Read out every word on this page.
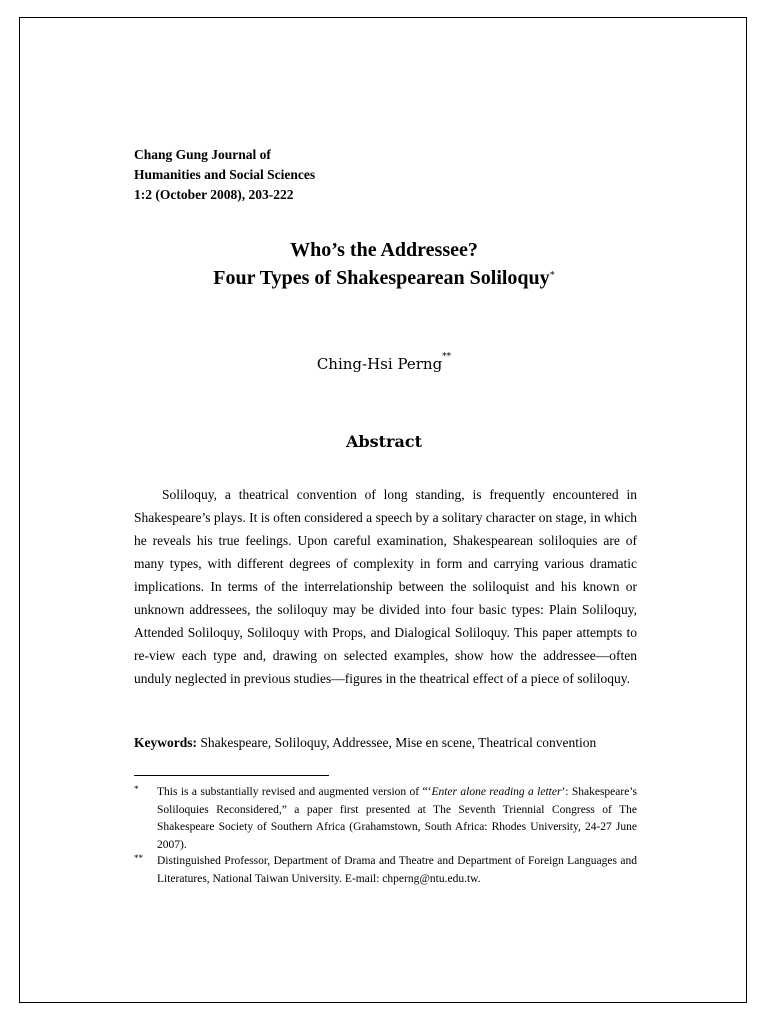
Chang Gung Journal of
Humanities and Social Sciences
1:2 (October 2008), 203-222
Who’s the Addressee?
Four Types of Shakespearean Soliloquy*
Ching-Hsi Perng**
Abstract
Soliloquy, a theatrical convention of long standing, is frequently encountered in Shakespeare’s plays. It is often considered a speech by a solitary character on stage, in which he reveals his true feelings. Upon careful examination, Shakespearean soliloquies are of many types, with different degrees of complexity in form and carrying various dramatic implications. In terms of the interrelationship between the soliloquist and his known or unknown addressees, the soliloquy may be divided into four basic types: Plain Soliloquy, Attended Soliloquy, Soliloquy with Props, and Dialogical Soliloquy. This paper attempts to re-view each type and, drawing on selected examples, show how the addressee—often unduly neglected in previous studies—figures in the theatrical effect of a piece of soliloquy.
Keywords: Shakespeare, Soliloquy, Addressee, Mise en scene, Theatrical convention
* This is a substantially revised and augmented version of “‘Enter alone reading a letter’: Shakespeare’s Soliloquies Reconsidered,” a paper first presented at The Seventh Triennial Congress of The Shakespeare Society of Southern Africa (Grahamstown, South Africa: Rhodes University, 24-27 June 2007).
** Distinguished Professor, Department of Drama and Theatre and Department of Foreign Languages and Literatures, National Taiwan University. E-mail: chperng@ntu.edu.tw.
